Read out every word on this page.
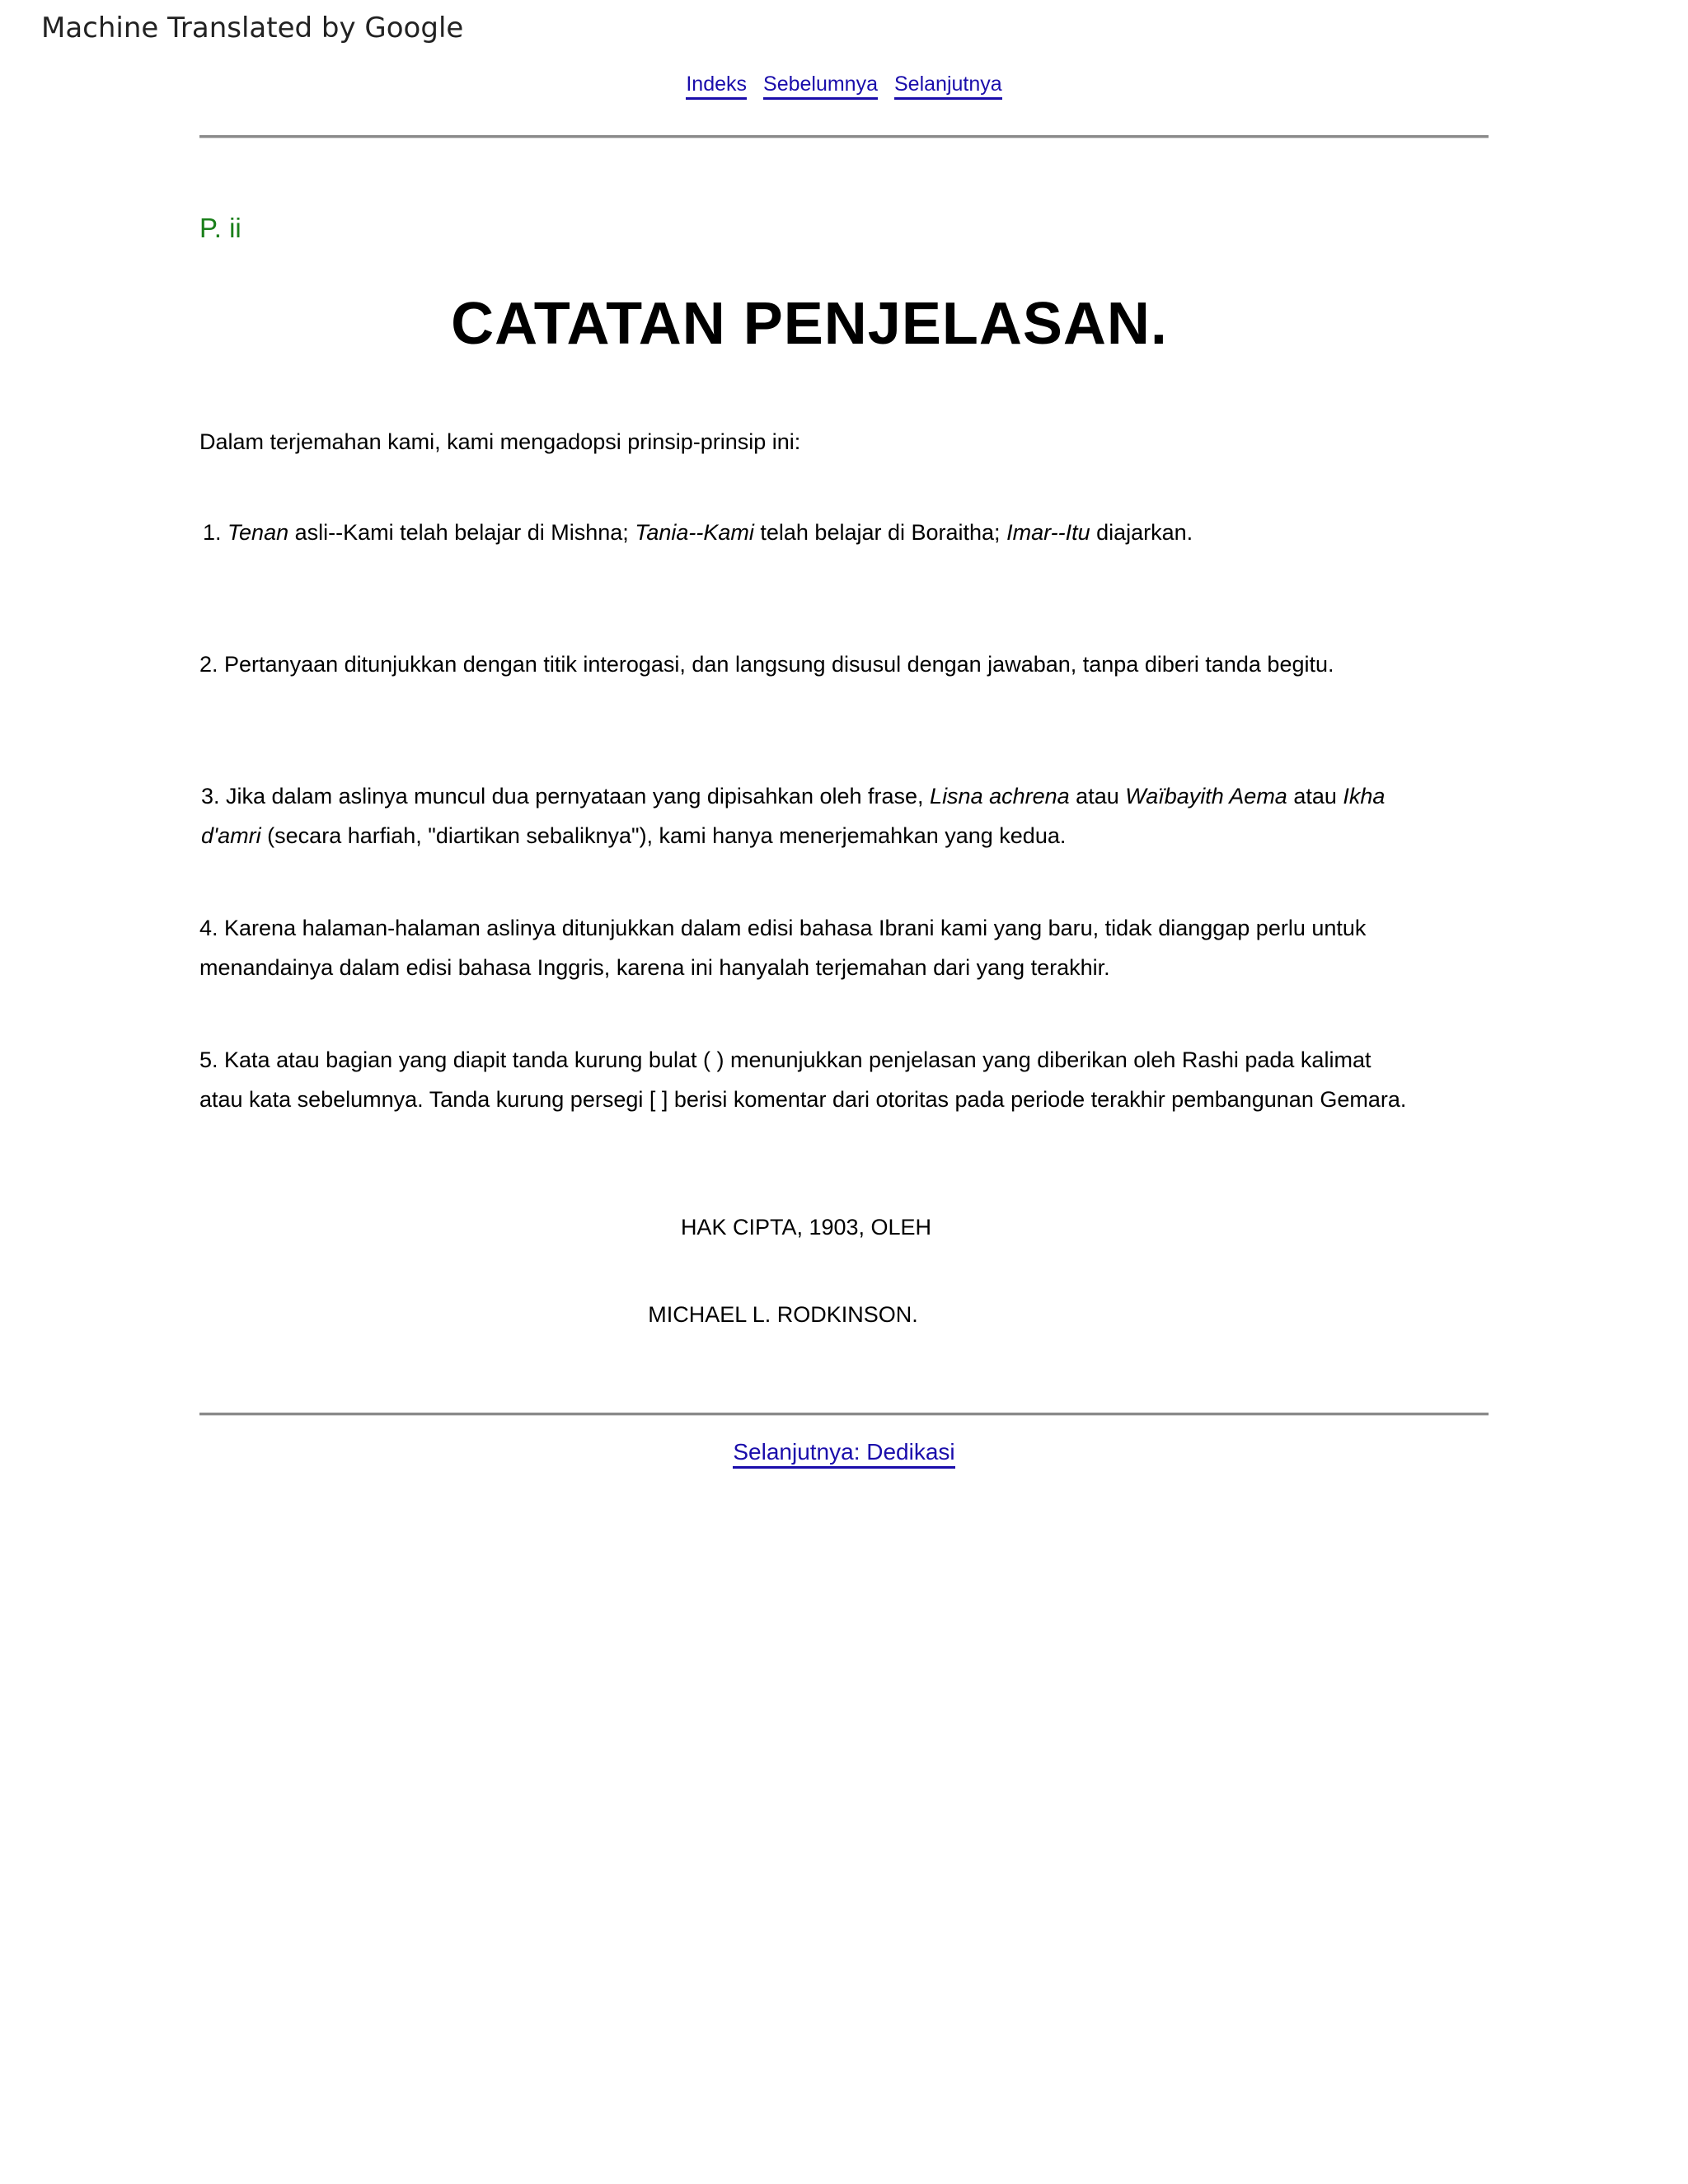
Machine Translated by Google
Indeks Sebelumnya Selanjutnya
P. ii
CATATAN PENJELASAN.

Dalam terjemahan kami, kami mengadopsi prinsip-prinsip ini:

1. Tenan asli--Kami telah belajar di Mishna; Tania--Kami telah belajar di Boraitha; Imar--Itu diajarkan.

2. Pertanyaan ditunjukkan dengan titik interogasi, dan langsung disusul dengan jawaban, tanpa diberi tanda begitu.

3. Jika dalam aslinya muncul dua pernyataan yang dipisahkan oleh frase, Lisna achrena atau Waïbayith Aema atau Ikha d'amri (secara harfiah, "diartikan sebaliknya"), kami hanya menerjemahkan yang kedua.

4. Karena halaman-halaman aslinya ditunjukkan dalam edisi bahasa Ibrani kami yang baru, tidak dianggap perlu untuk menandainya dalam edisi bahasa Inggris, karena ini hanyalah terjemahan dari yang terakhir.

5. Kata atau bagian yang diapit tanda kurung bulat ( ) menunjukkan penjelasan yang diberikan oleh Rashi pada kalimat atau kata sebelumnya. Tanda kurung persegi [ ] berisi komentar dari otoritas pada periode terakhir pembangunan Gemara.

HAK CIPTA, 1903, OLEH
MICHAEL L. RODKINSON.
Selanjutnya: Dedikasi
